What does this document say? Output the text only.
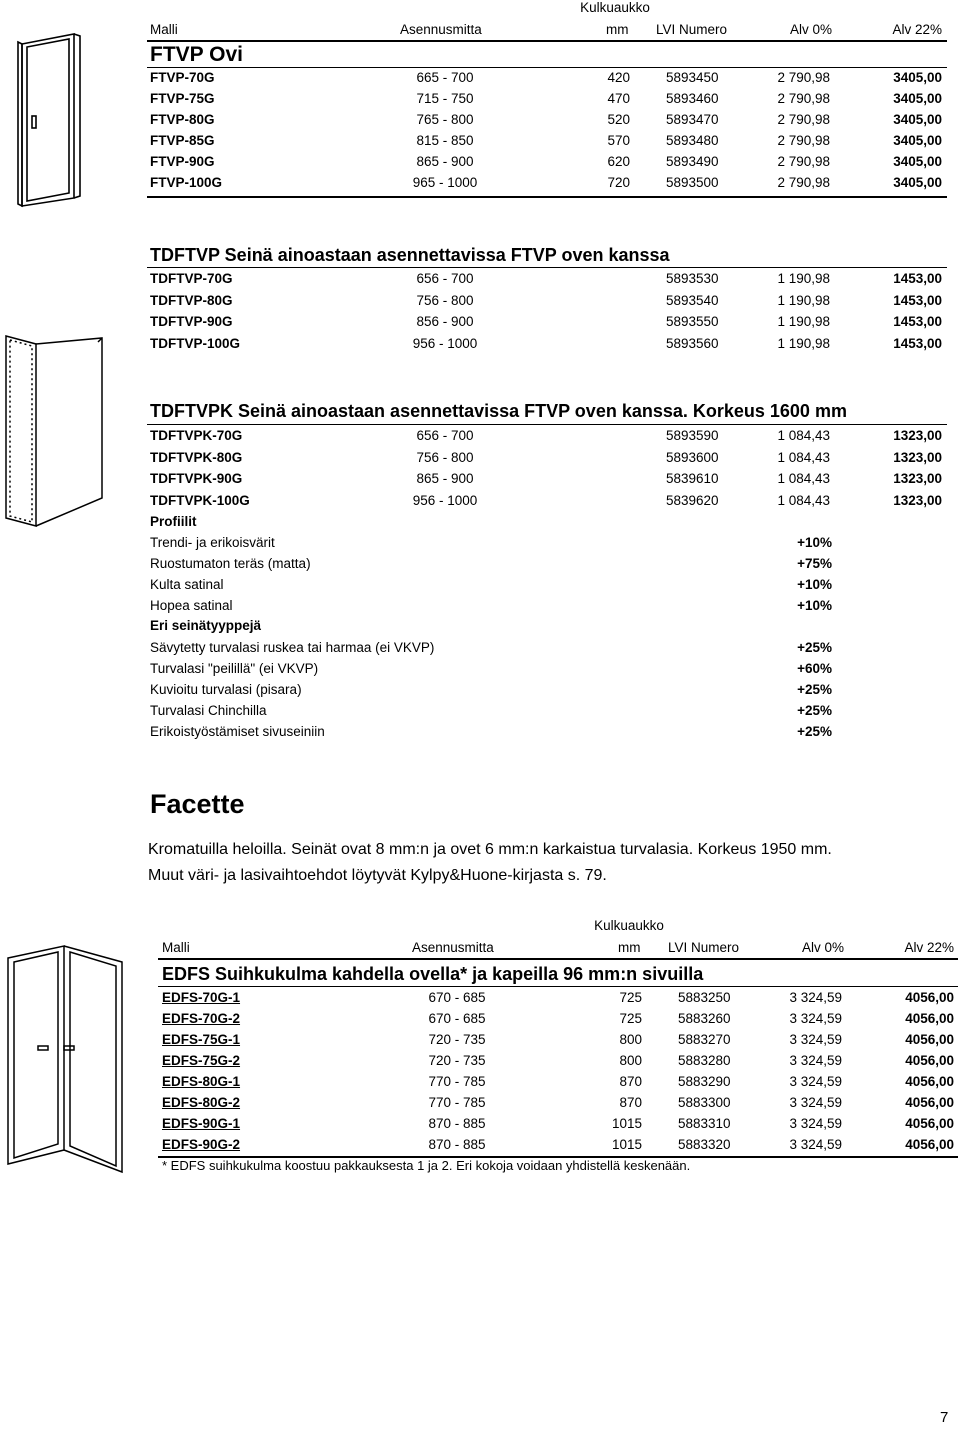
Kulkuaukko
Malli	Asennusmitta	mm LVI Numero	Alv 0%	Alv 22%
FTVP Ovi
FTVP-70G	665 - 700	420	5893450	2 790,98	3405,00
FTVP-75G	715 - 750	470	5893460	2 790,98	3405,00
FTVP-80G	765 - 800	520	5893470	2 790,98	3405,00
FTVP-85G	815 - 850	570	5893480	2 790,98	3405,00
FTVP-90G	865 - 900	620	5893490	2 790,98	3405,00
FTVP-100G	965 - 1000	720	5893500	2 790,98	3405,00
TDFTVP Seinä ainoastaan asennettavissa FTVP oven kanssa
TDFTVP-70G	656 - 700	5893530	1 190,98	1453,00
TDFTVP-80G	756 - 800	5893540	1 190,98	1453,00
TDFTVP-90G	856 - 900	5893550	1 190,98	1453,00
TDFTVP-100G	956 - 1000	5893560	1 190,98	1453,00
TDFTVPK Seinä ainoastaan asennettavissa FTVP oven kanssa. Korkeus 1600 mm
TDFTVPK-70G	656 - 700	5893590	1 084,43	1323,00
TDFTVPK-80G	756 - 800	5893600	1 084,43	1323,00
TDFTVPK-90G	865 - 900	5839610	1 084,43	1323,00
TDFTVPK-100G	956 - 1000	5839620	1 084,43	1323,00
Profiilit
Trendi- ja erikoisvärit	+10%
Ruostumaton teräs (matta)	+75%
Kulta satinal	+10%
Hopea satinal	+10%
Eri seinätyyppejä
Sävytetty turvalasi ruskea tai harmaa (ei VKVP)	+25%
Turvalasi "peilillä" (ei VKVP)	+60%
Kuvioitu turvalasi (pisara)	+25%
Turvalasi Chinchilla	+25%
Erikoistyöstämiset sivuseiniin	+25%
Facette
Kromatuilla heloilla. Seinät ovat 8 mm:n ja ovet 6 mm:n karkaistua turvalasia. Korkeus 1950 mm.
Muut väri- ja lasivaihtoehdot löytyvät Kylpy&Huone-kirjasta s. 79.
Kulkuaukko
Malli	Asennusmitta	mm LVI Numero	Alv 0%	Alv 22%
EDFS Suihkukulma kahdella ovella* ja kapeilla 96 mm:n sivuilla
EDFS-70G-1	670 - 685	725	5883250	3 324,59	4056,00
EDFS-70G-2	670 - 685	725	5883260	3 324,59	4056,00
EDFS-75G-1	720 - 735	800	5883270	3 324,59	4056,00
EDFS-75G-2	720 - 735	800	5883280	3 324,59	4056,00
EDFS-80G-1	770 - 785	870	5883290	3 324,59	4056,00
EDFS-80G-2	770 - 785	870	5883300	3 324,59	4056,00
EDFS-90G-1	870 - 885	1015	5883310	3 324,59	4056,00
EDFS-90G-2	870 - 885	1015	5883320	3 324,59	4056,00
* EDFS suihkukulma koostuu pakkauksesta 1 ja 2. Eri kokoja voidaan yhdistellä keskenään.
7
